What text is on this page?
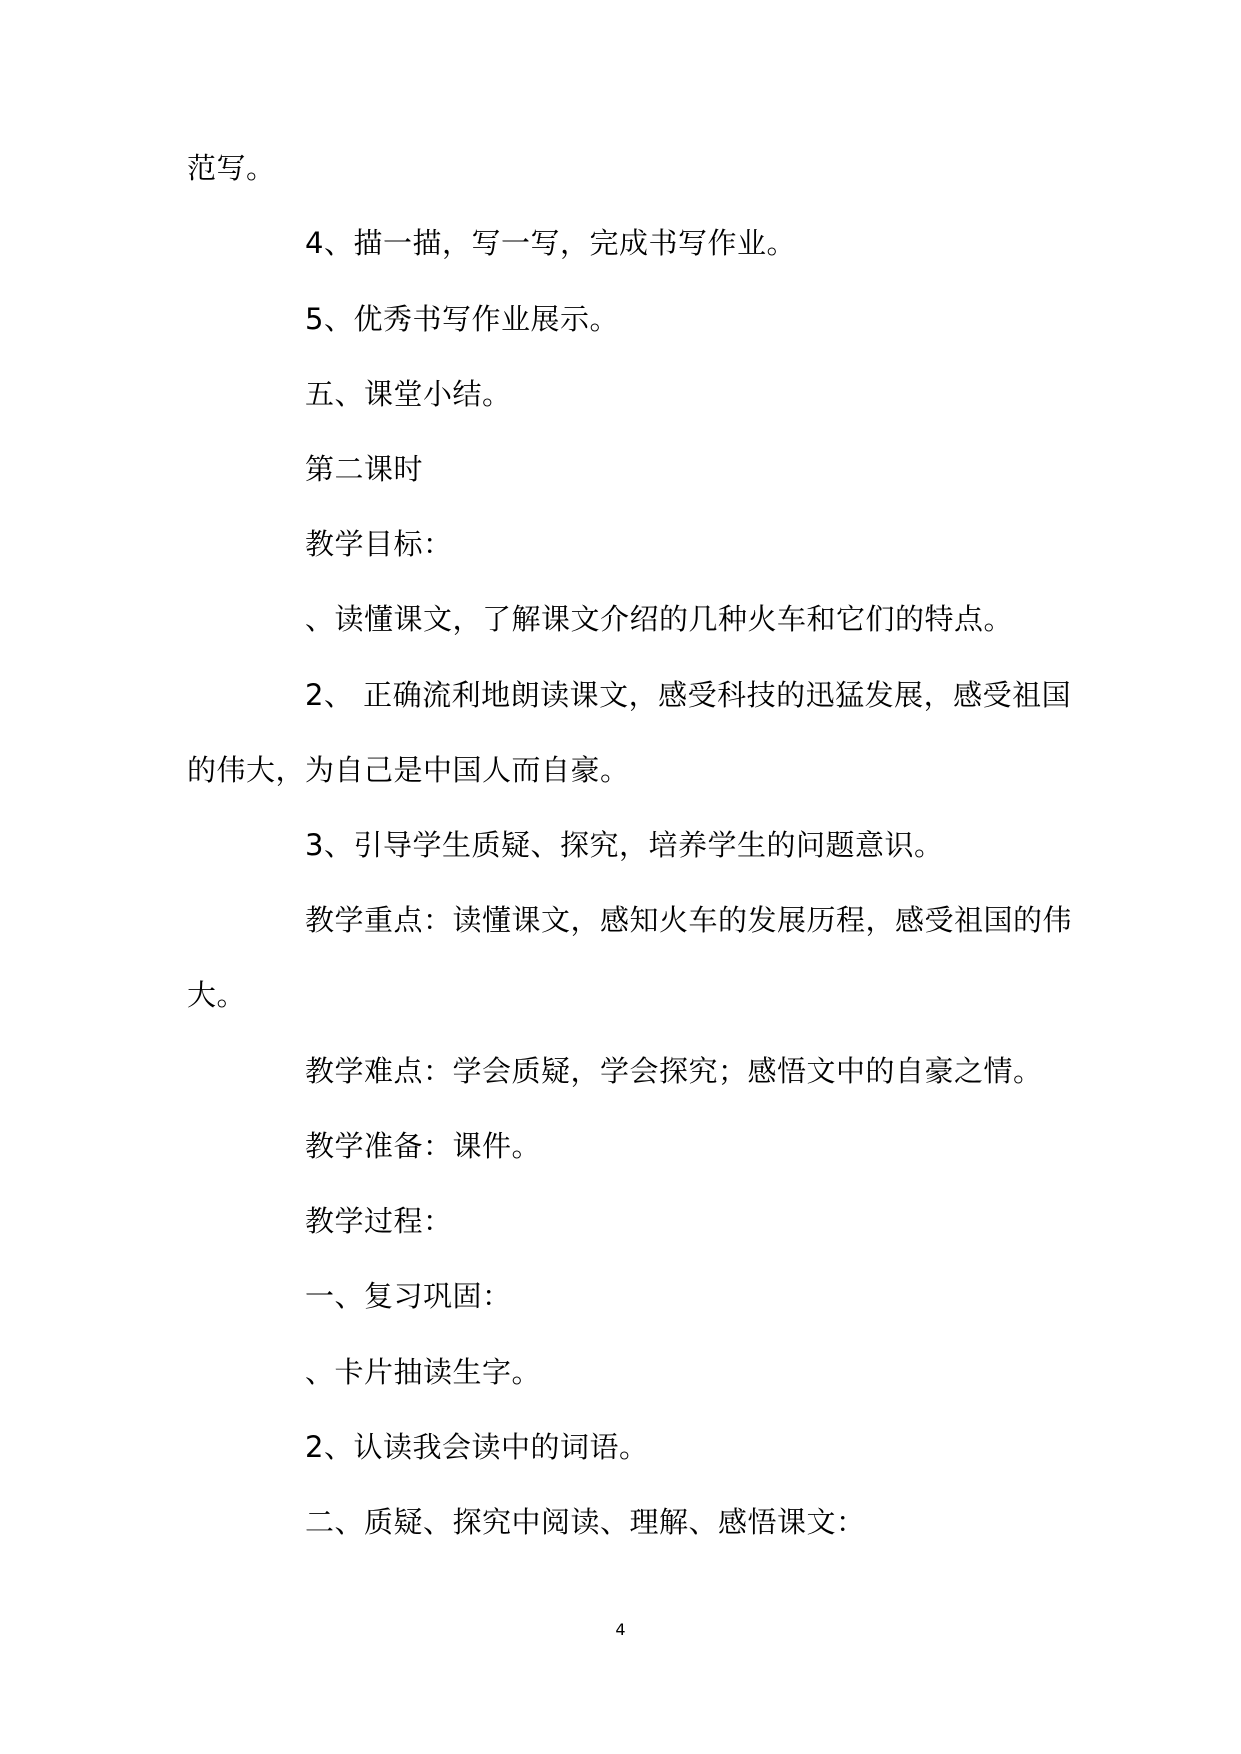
范写。
4、描一描，写一写，完成书写作业。
5、优秀书写作业展示。
五、课堂小结。
第二课时
教学目标：
、读懂课文，了解课文介绍的几种火车和它们的特点。
2、 正确流利地朗读课文，感受科技的迅猛发展，感受祖国
的伟大，为自己是中国人而自豪。
3、引导学生质疑、探究，培养学生的问题意识。
教学重点：读懂课文，感知火车的发展历程，感受祖国的伟
大。
教学难点：学会质疑，学会探究；感悟文中的自豪之情。
教学准备：课件。
教学过程：
一、复习巩固：
、卡片抽读生字。
2、认读我会读中的词语。
二、质疑、探究中阅读、理解、感悟课文：
4
